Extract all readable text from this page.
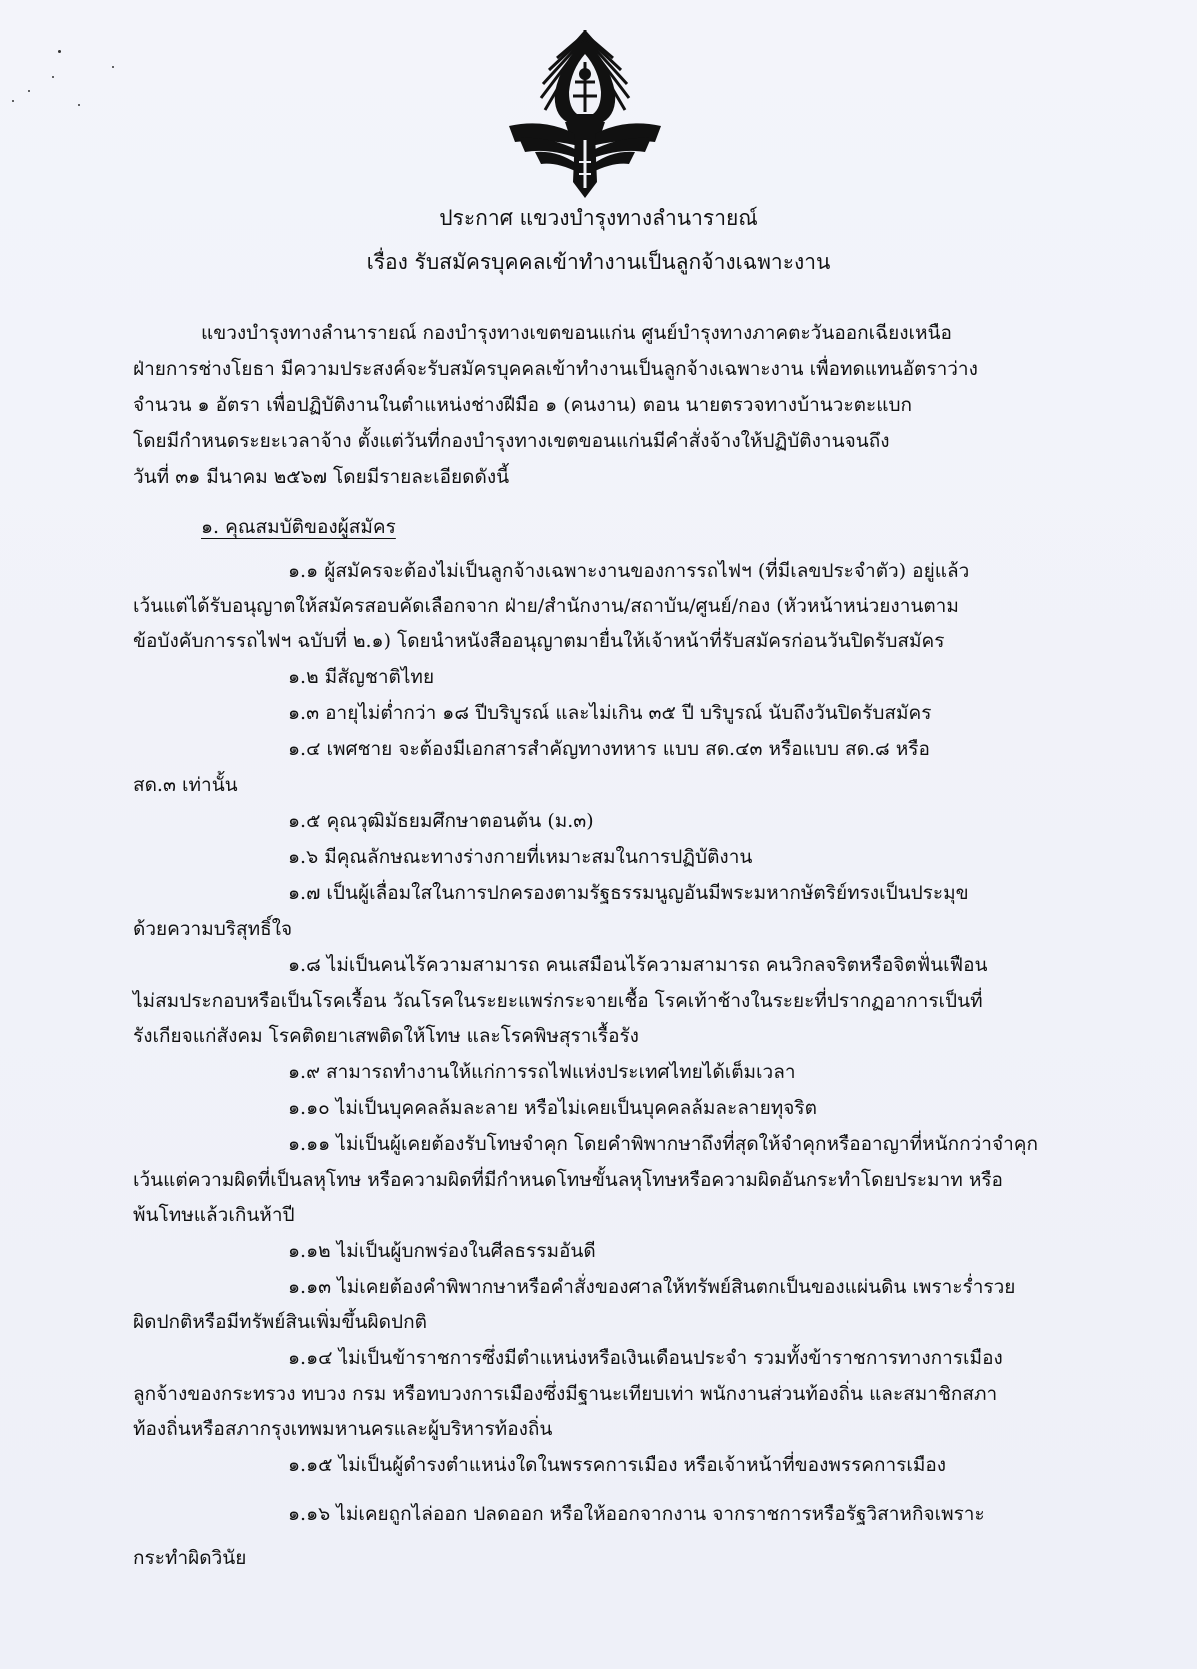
ประกาศ แขวงบำรุงทางลำนารายณ์
เรื่อง รับสมัครบุคคลเข้าทำงานเป็นลูกจ้างเฉพาะงาน
แขวงบำรุงทางลำนารายณ์ กองบำรุงทางเขตขอนแก่น ศูนย์บำรุงทางภาคตะวันออกเฉียงเหนือ
ฝ่ายการช่างโยธา มีความประสงค์จะรับสมัครบุคคลเข้าทำงานเป็นลูกจ้างเฉพาะงาน เพื่อทดแทนอัตราว่าง
จำนวน ๑ อัตรา เพื่อปฏิบัติงานในตำแหน่งช่างฝีมือ ๑ (คนงาน) ตอน นายตรวจทางบ้านวะตะแบก
โดยมีกำหนดระยะเวลาจ้าง ตั้งแต่วันที่กองบำรุงทางเขตขอนแก่นมีคำสั่งจ้างให้ปฏิบัติงานจนถึง
วันที่ ๓๑ มีนาคม ๒๕๖๗ โดยมีรายละเอียดดังนี้
๑. คุณสมบัติของผู้สมัคร
๑.๑ ผู้สมัครจะต้องไม่เป็นลูกจ้างเฉพาะงานของการรถไฟฯ (ที่มีเลขประจำตัว) อยู่แล้ว
เว้นแต่ได้รับอนุญาตให้สมัครสอบคัดเลือกจาก ฝ่าย/สำนักงาน/สถาบัน/ศูนย์/กอง (หัวหน้าหน่วยงานตาม
ข้อบังคับการรถไฟฯ ฉบับที่ ๒.๑) โดยนำหนังสืออนุญาตมายื่นให้เจ้าหน้าที่รับสมัครก่อนวันปิดรับสมัคร
๑.๒ มีสัญชาติไทย
๑.๓ อายุไม่ต่ำกว่า ๑๘ ปีบริบูรณ์ และไม่เกิน ๓๕ ปี บริบูรณ์ นับถึงวันปิดรับสมัคร
๑.๔ เพศชาย จะต้องมีเอกสารสำคัญทางทหาร แบบ สด.๔๓ หรือแบบ สด.๘ หรือ
สด.๓ เท่านั้น
๑.๕ คุณวุฒิมัธยมศึกษาตอนต้น (ม.๓)
๑.๖ มีคุณลักษณะทางร่างกายที่เหมาะสมในการปฏิบัติงาน
๑.๗ เป็นผู้เลื่อมใสในการปกครองตามรัฐธรรมนูญอันมีพระมหากษัตริย์ทรงเป็นประมุข
ด้วยความบริสุทธิ์ใจ
๑.๘ ไม่เป็นคนไร้ความสามารถ คนเสมือนไร้ความสามารถ คนวิกลจริตหรือจิตฟั่นเฟือน
ไม่สมประกอบหรือเป็นโรคเรื้อน วัณโรคในระยะแพร่กระจายเชื้อ โรคเท้าช้างในระยะที่ปรากฏอาการเป็นที่
รังเกียจแก่สังคม โรคติดยาเสพติดให้โทษ และโรคพิษสุราเรื้อรัง
๑.๙ สามารถทำงานให้แก่การรถไฟแห่งประเทศไทยได้เต็มเวลา
๑.๑๐ ไม่เป็นบุคคลล้มละลาย หรือไม่เคยเป็นบุคคลล้มละลายทุจริต
๑.๑๑ ไม่เป็นผู้เคยต้องรับโทษจำคุก โดยคำพิพากษาถึงที่สุดให้จำคุกหรืออาญาที่หนักกว่าจำคุก
เว้นแต่ความผิดที่เป็นลหุโทษ หรือความผิดที่มีกำหนดโทษขั้นลหุโทษหรือความผิดอันกระทำโดยประมาท หรือ
พ้นโทษแล้วเกินห้าปี
๑.๑๒ ไม่เป็นผู้บกพร่องในศีลธรรมอันดี
๑.๑๓ ไม่เคยต้องคำพิพากษาหรือคำสั่งของศาลให้ทรัพย์สินตกเป็นของแผ่นดิน เพราะร่ำรวย
ผิดปกติหรือมีทรัพย์สินเพิ่มขึ้นผิดปกติ
๑.๑๔ ไม่เป็นข้าราชการซึ่งมีตำแหน่งหรือเงินเดือนประจำ รวมทั้งข้าราชการทางการเมือง
ลูกจ้างของกระทรวง ทบวง กรม หรือทบวงการเมืองซึ่งมีฐานะเทียบเท่า พนักงานส่วนท้องถิ่น และสมาชิกสภา
ท้องถิ่นหรือสภากรุงเทพมหานครและผู้บริหารท้องถิ่น
๑.๑๕ ไม่เป็นผู้ดำรงตำแหน่งใดในพรรคการเมือง หรือเจ้าหน้าที่ของพรรคการเมือง
๑.๑๖ ไม่เคยถูกไล่ออก ปลดออก หรือให้ออกจากงาน จากราชการหรือรัฐวิสาหกิจเพราะ
กระทำผิดวินัย
